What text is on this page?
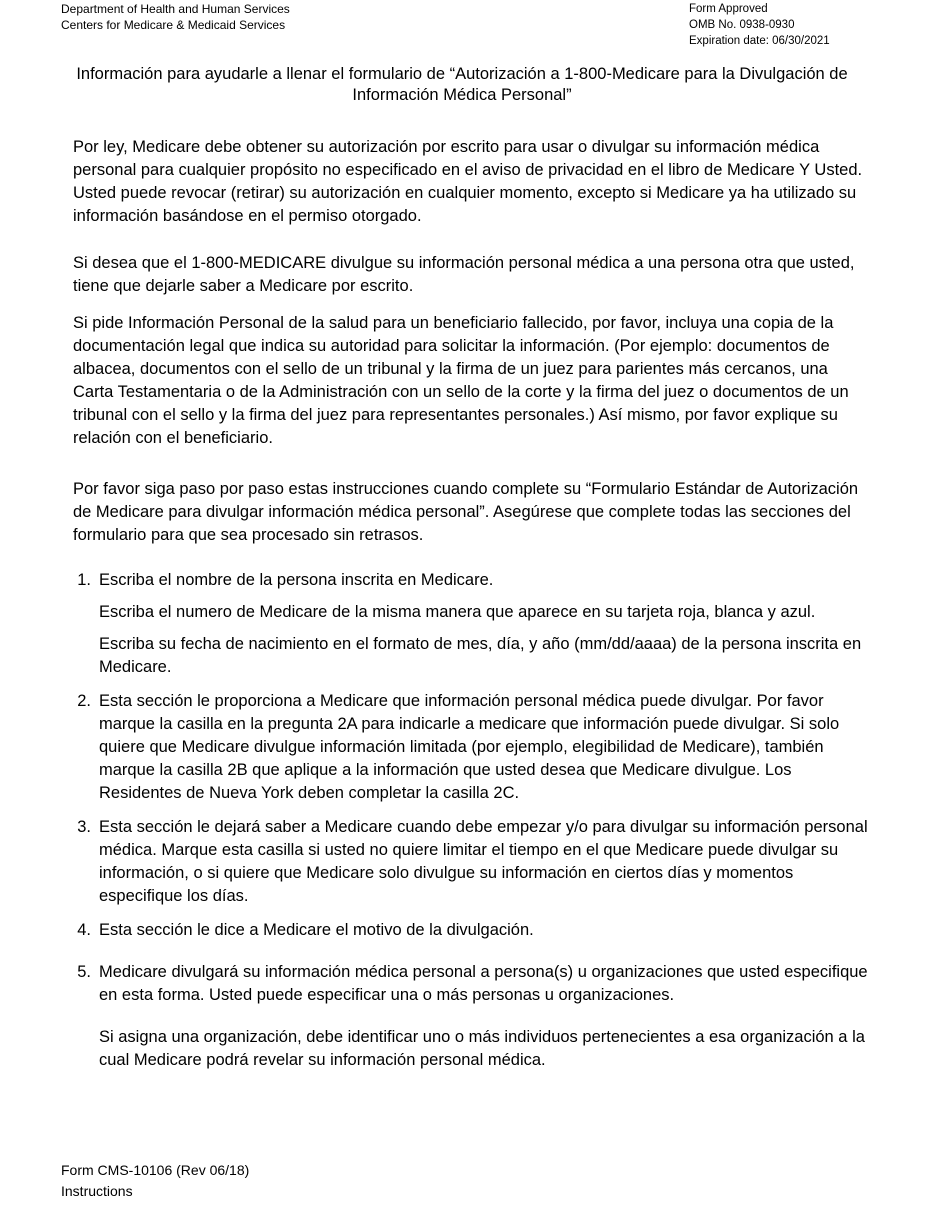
Department of Health and Human Services
Centers for Medicare & Medicaid Services
Form Approved
OMB No. 0938-0930
Expiration date: 06/30/2021
Información para ayudarle a llenar el formulario de “Autorización a 1-800-Medicare para la Divulgación de Información Médica Personal”

Por ley, Medicare debe obtener su autorización por escrito para usar o divulgar su información médica personal para cualquier propósito no especificado en el aviso de privacidad en el libro de Medicare Y Usted. Usted puede revocar (retirar) su autorización en cualquier momento, excepto si Medicare ya ha utilizado su información basándose en el permiso otorgado.

Si desea que el 1-800-MEDICARE divulgue su información personal médica a una persona otra que usted, tiene que dejarle saber a Medicare por escrito.

Si pide Información Personal de la salud para un beneficiario fallecido, por favor, incluya una copia de la documentación legal que indica su autoridad para solicitar la información. (Por ejemplo: documentos de albacea, documentos con el sello de un tribunal y la firma de un juez para parientes más cercanos, una Carta Testamentaria o de la Administración con un sello de la corte y la firma del juez o documentos de un tribunal con el sello y la firma del juez para representantes personales.) Así mismo, por favor explique su relación con el beneficiario.

Por favor siga paso por paso estas instrucciones cuando complete su “Formulario Estándar de Autorización de Medicare para divulgar información médica personal”. Asegúrese que complete todas las secciones del formulario para que sea procesado sin retrasos.

1. Escriba el nombre de la persona inscrita en Medicare.

Escriba el numero de Medicare de la misma manera que aparece en su tarjeta roja, blanca y azul.

Escriba su fecha de nacimiento en el formato de mes, día, y año (mm/dd/aaaa) de la persona inscrita en Medicare.

2. Esta sección le proporciona a Medicare que información personal médica puede divulgar. Por favor marque la casilla en la pregunta 2A para indicarle a medicare que información puede divulgar. Si solo quiere que Medicare divulgue información limitada (por ejemplo, elegibilidad de Medicare), también marque la casilla 2B que aplique a la información que usted desea que Medicare divulgue. Los Residentes de Nueva York deben completar la casilla 2C.

3. Esta sección le dejará saber a Medicare cuando debe empezar y/o para divulgar su información personal médica. Marque esta casilla si usted no quiere limitar el tiempo en el que Medicare puede divulgar su información, o si quiere que Medicare solo divulgue su información en ciertos días y momentos especifique los días.

4. Esta sección le dice a Medicare el motivo de la divulgación.

5. Medicare divulgará su información médica personal a persona(s) u organizaciones que usted especifique en esta forma. Usted puede especificar una o más personas u organizaciones.

Si asigna una organización, debe identificar uno o más individuos pertenecientes a esa organización a la cual Medicare podrá revelar su información personal médica.

Form CMS-10106 (Rev 06/18)
Instructions
